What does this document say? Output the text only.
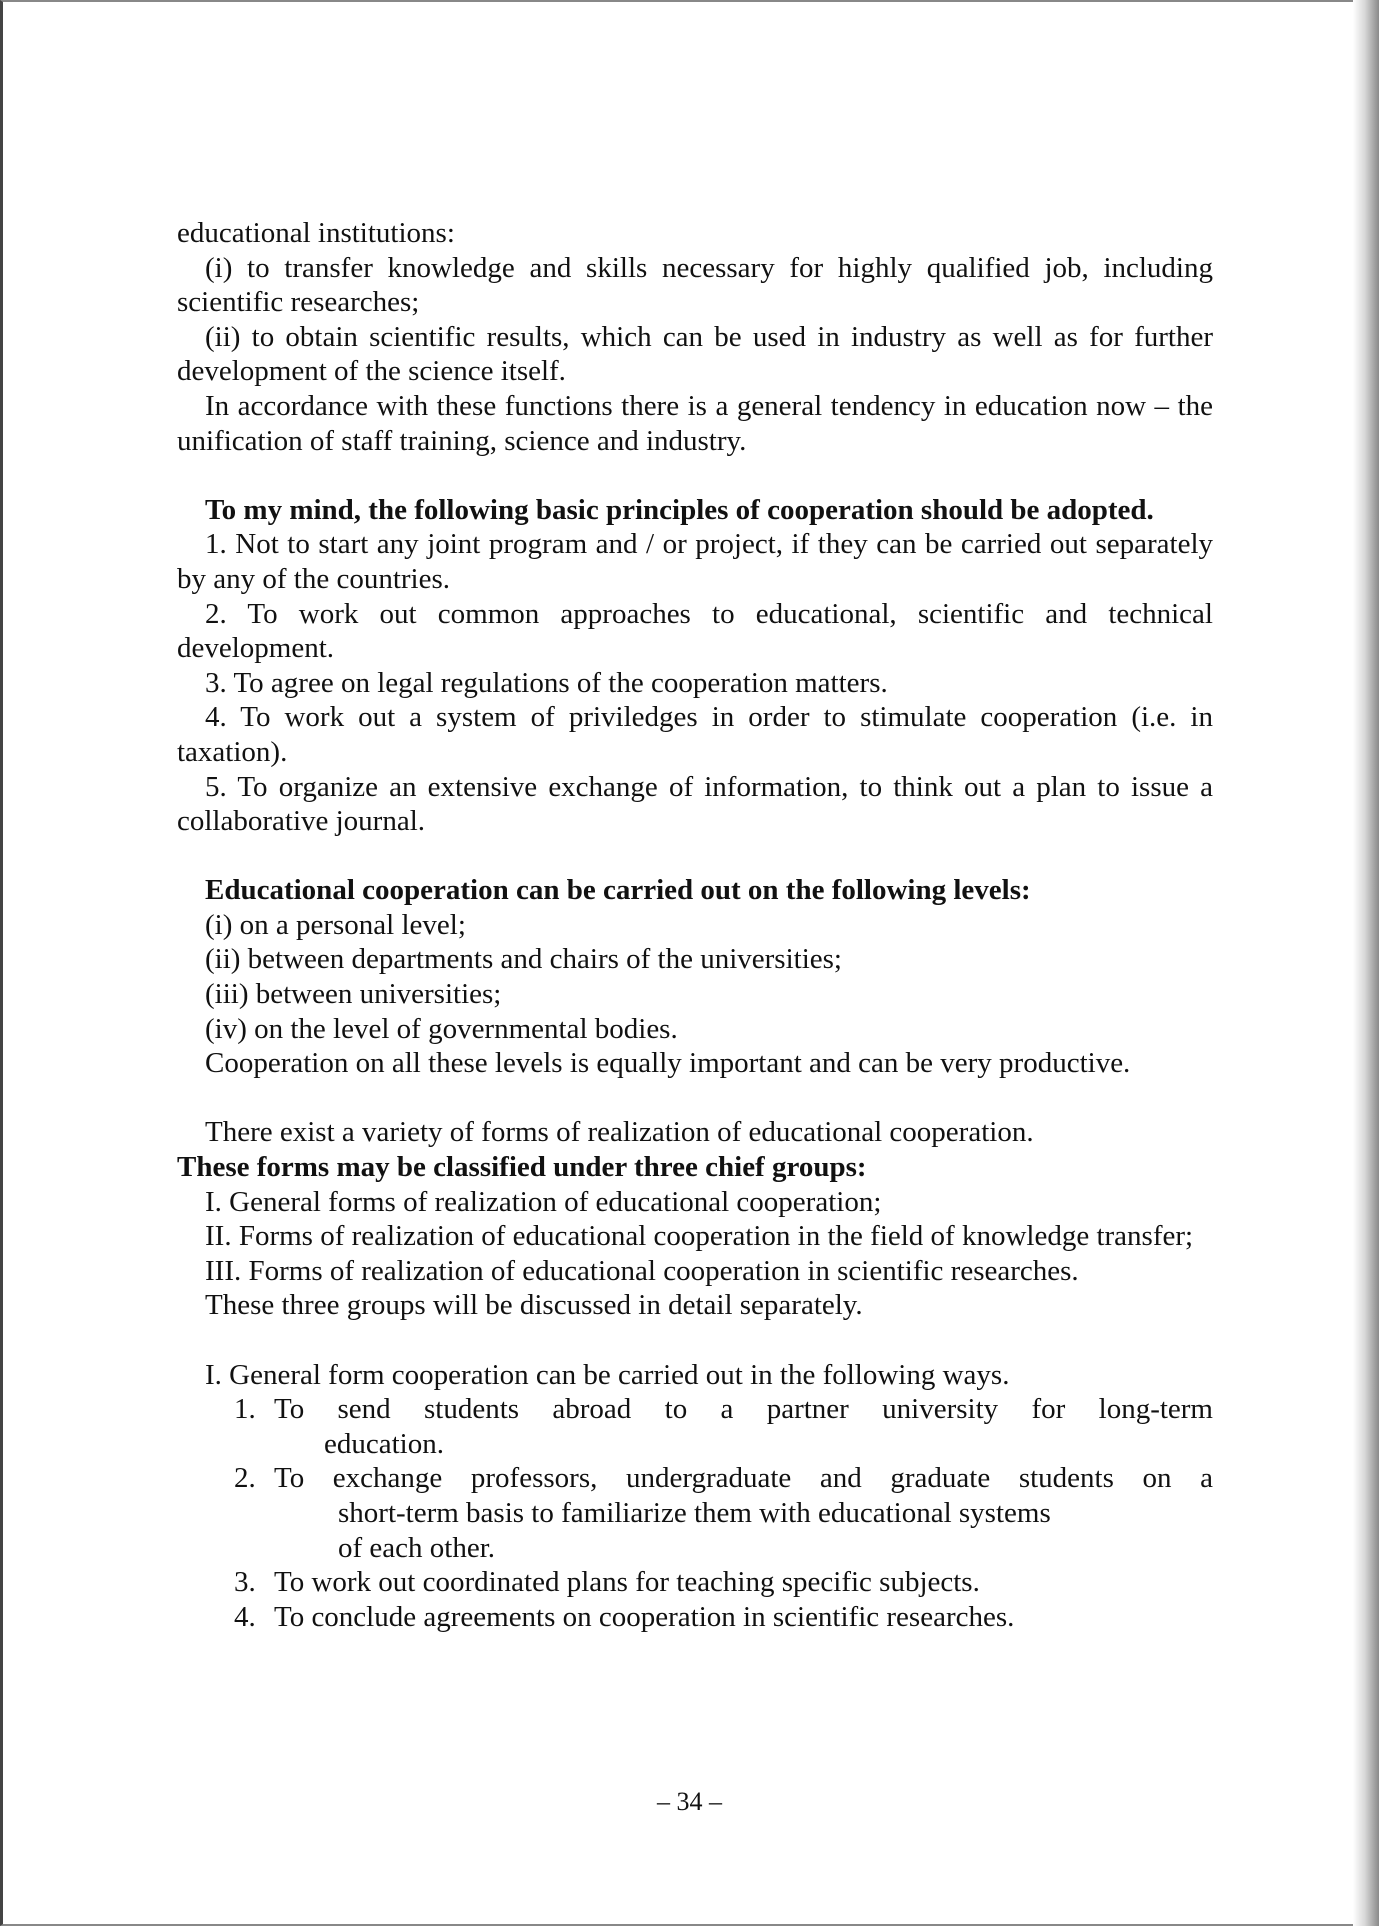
educational institutions:

(i) to transfer knowledge and skills necessary for highly qualified job, including scientific researches;

(ii) to obtain scientific results, which can be used in industry as well as for further development of the science itself.

In accordance with these functions there is a general tendency in education now – the unification of staff training, science and industry.

To my mind, the following basic principles of cooperation should be adopted.

1. Not to start any joint program and / or project, if they can be carried out separately by any of the countries.

2. To work out common approaches to educational, scientific and technical development.

3. To agree on legal regulations of the cooperation matters.

4. To work out a system of priviledges in order to stimulate cooperation (i.e. in taxation).

5. To organize an extensive exchange of information, to think out a plan to issue a collaborative journal.

Educational cooperation can be carried out on the following levels:

(i) on a personal level;

(ii) between departments and chairs of the universities;

(iii) between universities;

(iv) on the level of governmental bodies.

Cooperation on all these levels is equally important and can be very productive.

There exist a variety of forms of realization of educational cooperation.

These forms may be classified under three chief groups:

I. General forms of realization of educational cooperation;

II. Forms of realization of educational cooperation in the field of knowledge transfer;

III. Forms of realization of educational cooperation in scientific researches.

These three groups will be discussed in detail separately.

I. General form cooperation can be carried out in the following ways.

1. To send students abroad to a partner university for long-term
education.
2. To exchange professors, undergraduate and graduate students on a
short-term basis to familiarize them with educational systems
of each other.
3. To work out coordinated plans for teaching specific subjects.
4. To conclude agreements on cooperation in scientific researches.
– 34 –
